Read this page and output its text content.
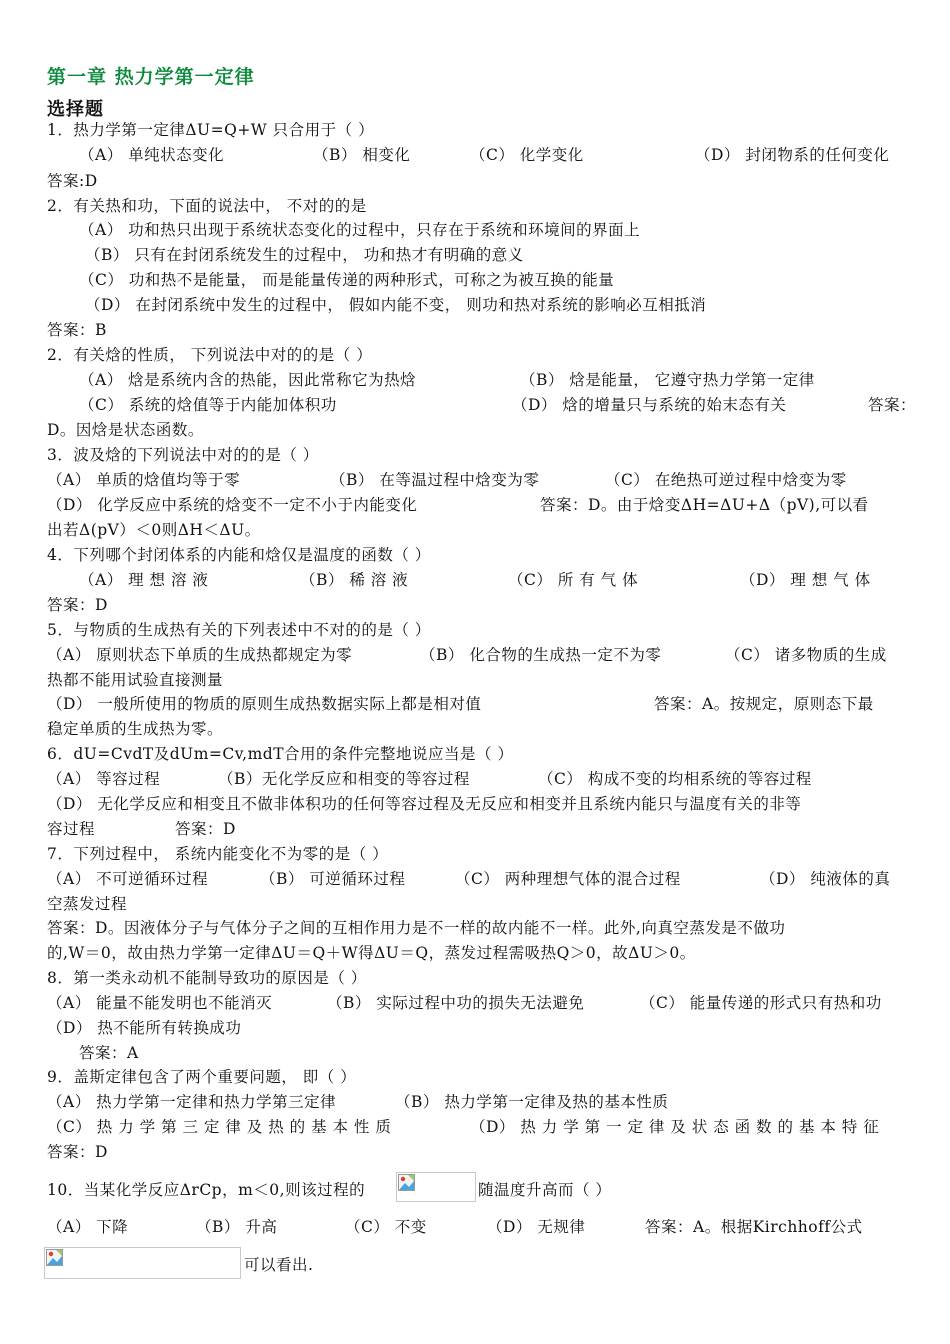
第一章 热力学第一定律
选择题
1．热力学第一定律ΔU=Q+W 只合用于（ ）
（A） 单纯状态变化	（B） 相变化	（C） 化学变化	（D） 封闭物系的任何变化
答案:D
2．有关热和功，下面的说法中， 不对的的是
（A） 功和热只出现于系统状态变化的过程中，只存在于系统和环境间的界面上
（B） 只有在封闭系统发生的过程中， 功和热才有明确的意义
（C） 功和热不是能量， 而是能量传递的两种形式，可称之为被互换的能量
（D） 在封闭系统中发生的过程中， 假如内能不变， 则功和热对系统的影响必互相抵消
答案：B
2．有关焓的性质， 下列说法中对的的是（ ）
（A） 焓是系统内含的热能，因此常称它为热焓	（B） 焓是能量， 它遵守热力学第一定律
（C） 系统的焓值等于内能加体积功	（D） 焓的增量只与系统的始末态有关	答案：
D。因焓是状态函数。
3．波及焓的下列说法中对的的是（ ）
（A） 单质的焓值均等于零	（B） 在等温过程中焓变为零	（C） 在绝热可逆过程中焓变为零
（D） 化学反应中系统的焓变不一定不小于内能变化	答案：D。由于焓变ΔH=ΔU+Δ（pV),可以看
出若Δ(pV）＜0则ΔH＜ΔU。
4．下列哪个封闭体系的内能和焓仅是温度的函数（ ）
（A） 理 想 溶 液	（B） 稀 溶 液	（C） 所 有 气 体	（D） 理 想 气 体
答案：D
5．与物质的生成热有关的下列表述中不对的的是（ ）
（A） 原则状态下单质的生成热都规定为零	（B） 化合物的生成热一定不为零	（C） 诸多物质的生成
热都不能用试验直接测量
（D） 一般所使用的物质的原则生成热数据实际上都是相对值	答案：A。按规定，原则态下最
稳定单质的生成热为零。
6．dU=CvdT及dUm=Cv,mdT合用的条件完整地说应当是（ ）
（A） 等容过程	（B）无化学反应和相变的等容过程	（C） 构成不变的均相系统的等容过程
（D） 无化学反应和相变且不做非体积功的任何等容过程及无反应和相变并且系统内能只与温度有关的非等
容过程	答案：D
7．下列过程中， 系统内能变化不为零的是（ ）
（A） 不可逆循环过程	（B） 可逆循环过程	（C） 两种理想气体的混合过程	（D） 纯液体的真
空蒸发过程
答案：D。因液体分子与气体分子之间的互相作用力是不一样的故内能不一样。此外,向真空蒸发是不做功
的,W＝0，故由热力学第一定律ΔU＝Q＋W得ΔU＝Q，蒸发过程需吸热Q＞0，故ΔU＞0。
8．第一类永动机不能制导致功的原因是（ ）
（A） 能量不能发明也不能消灭	（B） 实际过程中功的损失无法避免	（C） 能量传递的形式只有热和功
（D） 热不能所有转换成功
答案：A
9．盖斯定律包含了两个重要问题， 即（ ）
（A） 热力学第一定律和热力学第三定律	（B） 热力学第一定律及热的基本性质
（C） 热 力 学 第 三 定 律 及 热 的 基 本 性 质	（D） 热 力 学 第 一 定 律 及 状 态 函 数 的 基 本 特 征
答案：D
10．当某化学反应ΔrCp，m＜0,则该过程的	随温度升高而（ ）
（A） 下降	（B） 升高	（C） 不变	（D） 无规律	答案：A。根据Kirchhoff公式
可以看出.
